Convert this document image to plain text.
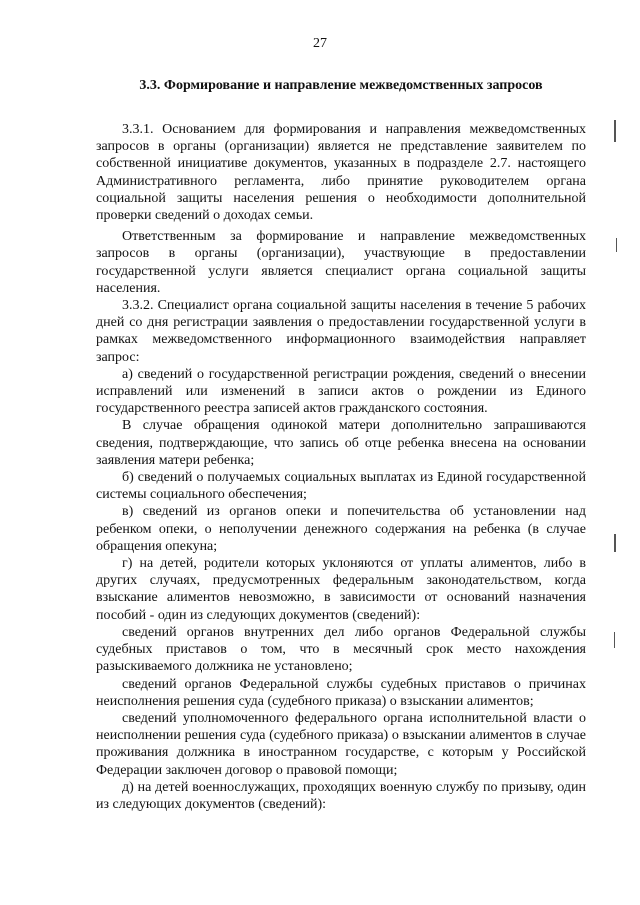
27
3.3. Формирование и направление межведомственных запросов

3.3.1. Основанием для формирования и направления межведомственных запросов в органы (организации) является не представление заявителем по собственной инициативе документов, указанных в подразделе 2.7. настоящего Административного регламента, либо принятие руководителем органа социальной защиты населения решения о необходимости дополнительной проверки сведений о доходах семьи.

Ответственным за формирование и направление межведомственных запросов в органы (организации), участвующие в предоставлении государственной услуги является специалист органа социальной защиты населения.

3.3.2. Специалист органа социальной защиты населения в течение 5 рабочих дней со дня регистрации заявления о предоставлении государственной услуги в рамках межведомственного информационного взаимодействия направляет запрос:

а) сведений о государственной регистрации рождения, сведений о внесении исправлений или изменений в записи актов о рождении из Единого государственного реестра записей актов гражданского состояния.

В случае обращения одинокой матери дополнительно запрашиваются сведения, подтверждающие, что запись об отце ребенка внесена на основании заявления матери ребенка;

б) сведений о получаемых социальных выплатах из Единой государственной системы социального обеспечения;

в) сведений из органов опеки и попечительства об установлении над ребенком опеки, о неполучении денежного содержания на ребенка (в случае обращения опекуна;

г) на детей, родители которых уклоняются от уплаты алиментов, либо в других случаях, предусмотренных федеральным законодательством, когда взыскание алиментов невозможно, в зависимости от оснований назначения пособий - один из следующих документов (сведений):

сведений органов внутренних дел либо органов Федеральной службы судебных приставов о том, что в месячный срок место нахождения разыскиваемого должника не установлено;

сведений органов Федеральной службы судебных приставов о причинах неисполнения решения суда (судебного приказа) о взыскании алиментов;

сведений уполномоченного федерального органа исполнительной власти о неисполнении решения суда (судебного приказа) о взыскании алиментов в случае проживания должника в иностранном государстве, с которым у Российской Федерации заключен договор о правовой помощи;

д) на детей военнослужащих, проходящих военную службу по призыву, один из следующих документов (сведений):
